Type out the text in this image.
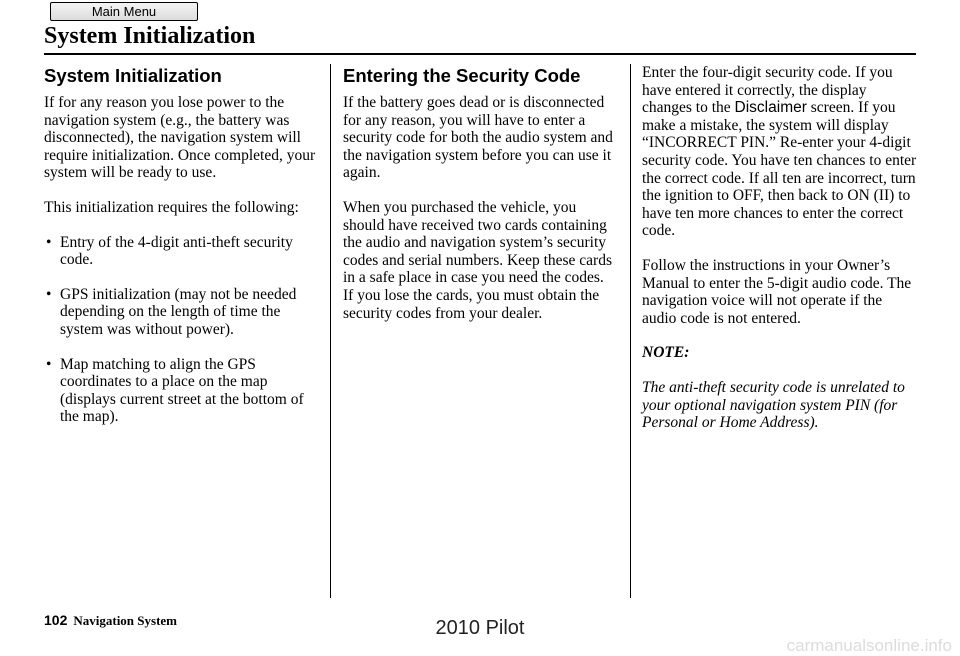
Main Menu
System Initialization
System Initialization

If for any reason you lose power to the navigation system (e.g., the battery was disconnected), the navigation system will require initialization. Once completed, your system will be ready to use.

This initialization requires the following:

• Entry of the 4-digit anti-theft security code.
• GPS initialization (may not be needed depending on the length of time the system was without power).
• Map matching to align the GPS coordinates to a place on the map (displays current street at the bottom of the map).
Entering the Security Code

If the battery goes dead or is disconnected for any reason, you will have to enter a security code for both the audio system and the navigation system before you can use it again.

When you purchased the vehicle, you should have received two cards containing the audio and navigation system’s security codes and serial numbers. Keep these cards in a safe place in case you need the codes. If you lose the cards, you must obtain the security codes from your dealer.

Enter the four-digit security code. If you have entered it correctly, the display changes to the Disclaimer screen. If you make a mistake, the system will display “INCORRECT PIN.” Re-enter your 4-digit security code. You have ten chances to enter the correct code. If all ten are incorrect, turn the ignition to OFF, then back to ON (II) to have ten more chances to enter the correct code.

Follow the instructions in your Owner’s Manual to enter the 5-digit audio code. The navigation voice will not operate if the audio code is not entered.

NOTE:

The anti-theft security code is unrelated to your optional navigation system PIN (for Personal or Home Address).

102 Navigation System	2010 Pilot
carmanualsonline.info
